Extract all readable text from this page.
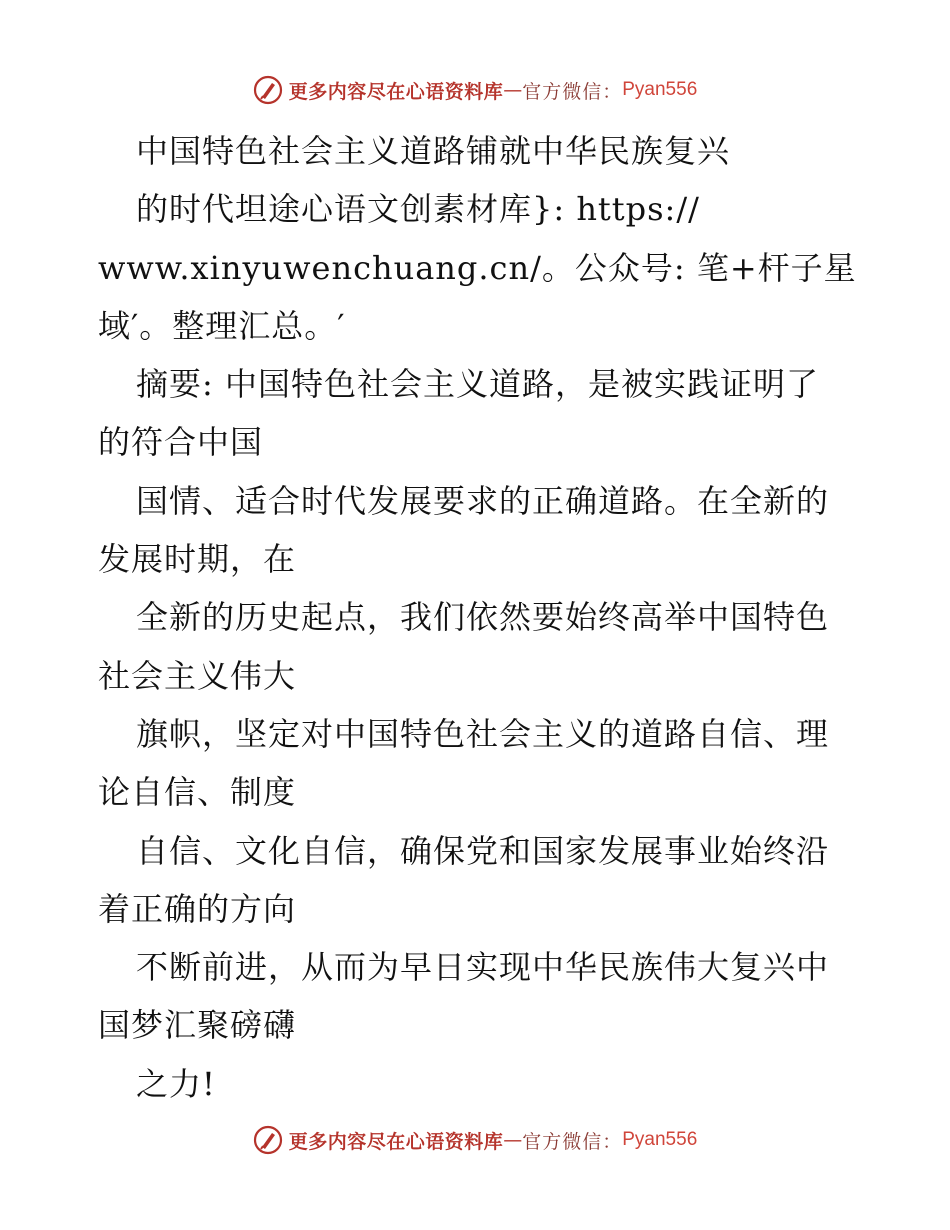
更多内容尽在心语资料库 — 官方微信： Pyan556
中国特色社会主义道路铺就中华民族复兴
的时代坦途心语文创素材库}: https://
www.xinyuwenchuang.cn/。公众号: 笔+杆子星
域′。整理汇总。′
摘要: 中国特色社会主义道路，是被实践证明了
的符合中国
国情、适合时代发展要求的正确道路。在全新的
发展时期，在
全新的历史起点，我们依然要始终高举中国特色
社会主义伟大
旗帜，坚定对中国特色社会主义的道路自信、理
论自信、制度
自信、文化自信，确保党和国家发展事业始终沿
着正确的方向
不断前进，从而为早日实现中华民族伟大复兴中
国梦汇聚磅礴
之力!
更多内容尽在心语资料库 — 官方微信： Pyan556
